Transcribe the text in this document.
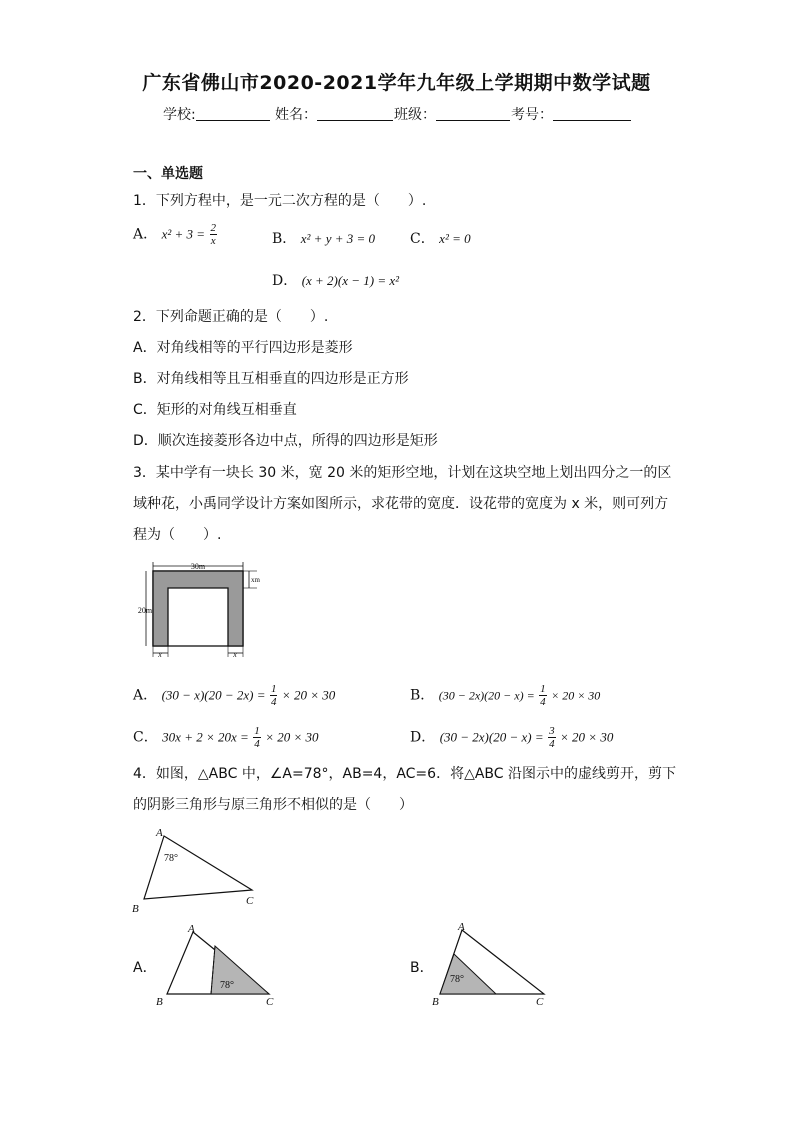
广东省佛山市2020-2021学年九年级上学期期中数学试题
学校:	姓名：	班级：	考号：
一、单选题
1．下列方程中，是一元二次方程的是（　　）.
A． $x^2 + 3 = \frac{2}{x}$	B． x² + y + 3 = 0 C． x² = 0
D． (x + 2)(x − 1) = x²
2．下列命题正确的是（　　）.
A．对角线相等的平行四边形是菱形
B．对角线相等且互相垂直的四边形是正方形
C．矩形的对角线互相垂直
D．顺次连接菱形各边中点，所得的四边形是矩形
3．某中学有一块长 30 米，宽 20 米的矩形空地，计划在这块空地上划出四分之一的区
域种花，小禹同学设计方案如图所示，求花带的宽度．设花带的宽度为 x 米，则可列方
程为（　　）.
30m
20m
xm
x	x
A． $(30 - x)(20 - 2x) = \frac{1}{4} \times 20 \times 30$	B． $(30 - 2x)(20 - x) = \frac{1}{4} \times 20 \times 30$
C． $30x + 2 \times 20x = \frac{1}{4} \times 20 \times 30$	D． $(30 - 2x)(20 - x) = \frac{3}{4} \times 20 \times 30$
4．如图，△ABC 中，∠A=78°，AB=4，AC=6．将△ABC 沿图示中的虚线剪开，剪下
的阴影三角形与原三角形不相似的是（　　）
A
B
C
78°
A．
A
B	C
78°
B．
A
B	C
78°
